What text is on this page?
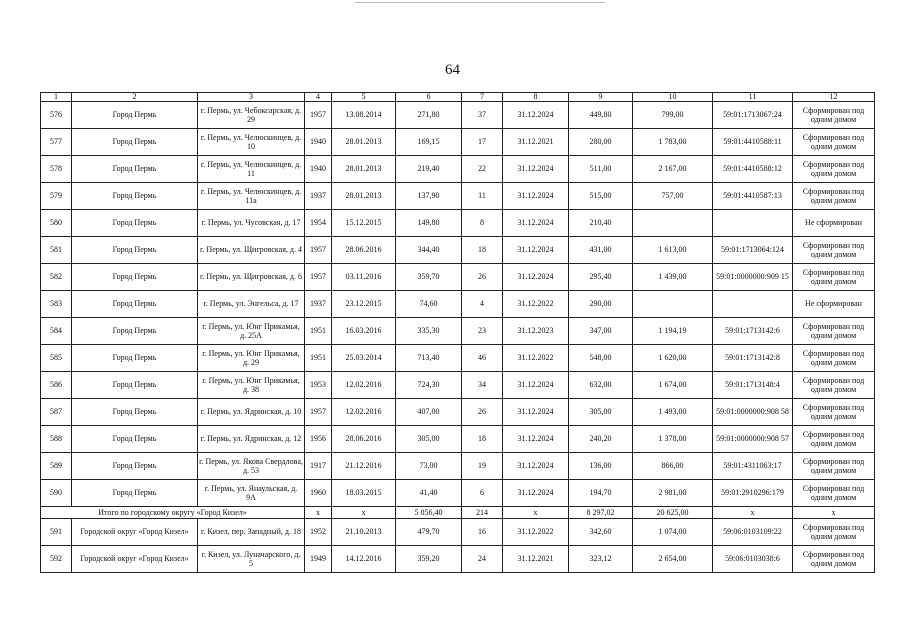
64
1	2	3	4	5	6	7	8	9	10	11	12
576	Город Пермь	г. Пермь, ул. Чебоксарская, д. 29	1957	13.08.2014	271,80	37	31.12.2024	449,80	799,00	59:01:1713067:24	Сформирован под одним домом
577	Город Пермь	г. Пермь, ул. Челюскинцев, д. 10	1940	28.01.2013	169,15	17	31.12.2021	280,00	1 783,00	59:01:4410588:11	Сформирован под одним домом
578	Город Пермь	г. Пермь, ул. Челюскинцев, д. 11	1940	28.01.2013	219,40	22	31.12.2024	511,00	2 167,00	59:01:4410588:12	Сформирован под одним домом
579	Город Пермь	г. Пермь, ул. Челюскинцев, д. 11а	1937	28.01.2013	137,90	11	31.12.2024	515,00	757,00	59:01:4410587:13	Сформирован под одним домом
580	Город Пермь	г. Пермь, ул. Чусовская, д. 17	1954	15.12.2015	149,80	8	31.12.2024	210,40			Не сформирован
581	Город Пермь	г. Пермь, ул. Щигровская, д. 4	1957	28.06.2016	344,40	18	31.12.2024	431,00	1 613,00	59:01:1713064:124	Сформирован под одним домом
582	Город Пермь	г. Пермь, ул. Щигровская, д. 6	1957	03.11.2016	359,70	26	31.12.2024	295,40	1 439,00	59:01:0000000:909 15	Сформирован под одним домом
583	Город Пермь	г. Пермь, ул. Энгельса, д. 17	1937	23.12.2015	74,60	4	31.12.2022	290,00			Не сформирован
584	Город Пермь	г. Пермь, ул. Юнг Прикамья, д. 25А	1951	16.03.2016	335,30	23	31.12.2023	347,00	1 194,19	59:01:1713142:6	Сформирован под одним домом
585	Город Пермь	г. Пермь, ул. Юнг Прикамья, д. 29	1951	25.03.2014	713,40	46	31.12.2022	548,00	1 620,00	59:01:1713142:8	Сформирован под одним домом
586	Город Пермь	г. Пермь, ул. Юнг Прикамья, д. 38	1953	12.02.2016	724,30	34	31.12.2024	632,00	1 674,00	59:01:1713148:4	Сформирован под одним домом
587	Город Пермь	г. Пермь, ул. Ядринская, д. 10	1957	12.02.2016	407,00	26	31.12.2024	305,00	1 493,00	59:01:0000000:908 58	Сформирован под одним домом
588	Город Пермь	г. Пермь, ул. Ядринская, д. 12	1956	28.06.2016	305,00	18	31.12.2024	240,20	1 378,00	59:01:0000000:908 57	Сформирован под одним домом
589	Город Пермь	г. Пермь, ул. Якова Свердлова, д. 53	1917	21.12.2016	73,00	19	31.12.2024	136,00	866,00	59:01:4311063:17	Сформирован под одним домом
590	Город Пермь	г. Пермь, ул. Янаульская, д. 9А	1960	18.03.2015	41,40	6	31.12.2024	194,70	2 981,00	59:01:2910296:179	Сформирован под одним домом
Итого по городскому округу «Город Кизел»			x	x	5 056,40	214	x	8 297,02	20 625,00	x	x
591	Городской округ «Город Кизел»	г. Кизел, пер. Западный, д. 18	1952	21.10.2013	479,70	16	31.12.2022	342,60	1 074,00	59:06:0103109:22	Сформирован под одним домом
592	Городской округ «Город Кизел»	г. Кизел, ул. Луначарского, д. 5	1949	14.12.2016	359,20	24	31.12.2021	323,12	2 654,00	59:06:0103038:6	Сформирован под одним домом
